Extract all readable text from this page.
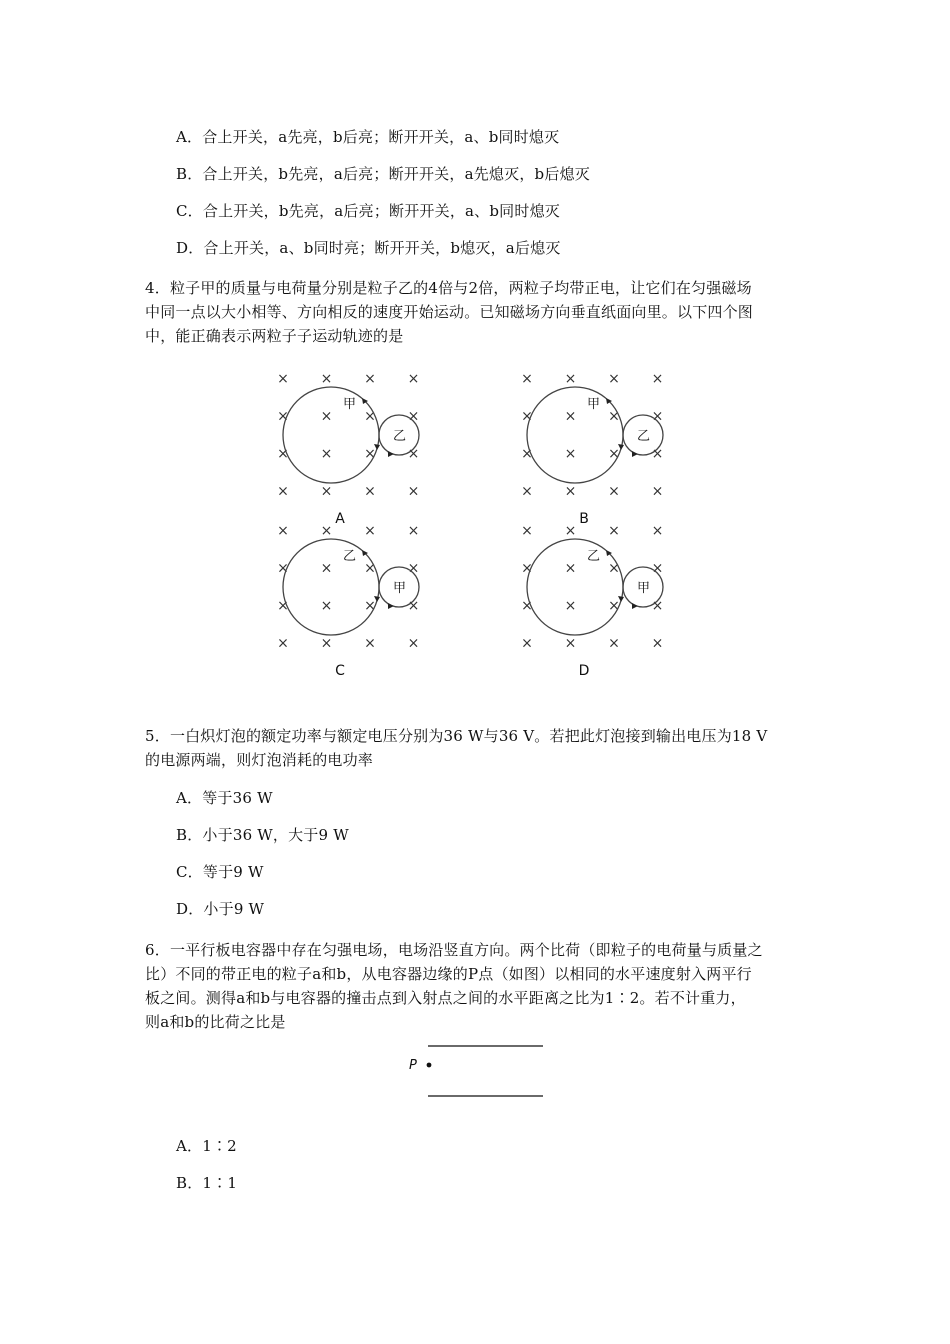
A．合上开关，a先亮，b后亮；断开开关，a、b同时熄灭
B．合上开关，b先亮，a后亮；断开开关，a先熄灭，b后熄灭
C．合上开关，b先亮，a后亮；断开开关，a、b同时熄灭
D．合上开关，a、b同时亮；断开开关，b熄灭，a后熄灭
4．粒子甲的质量与电荷量分别是粒子乙的4倍与2倍，两粒子均带正电，让它们在匀强磁场
中同一点以大小相等、方向相反的速度开始运动。已知磁场方向垂直纸面向里。以下四个图
中，能正确表示两粒子子运动轨迹的是
× × × ×
× × × ×
× × × ×
× × × ×
甲
乙
A
× × × ×
× × × ×
× × × ×
× × × ×
甲
乙
B
× × × ×
× × × ×
× × × ×
× × × ×
乙
甲
C
× × × ×
× × × ×
× × × ×
× × × ×
乙
甲
D
5．一白炽灯泡的额定功率与额定电压分别为36 W与36 V。若把此灯泡接到输出电压为18 V
的电源两端，则灯泡消耗的电功率
A．等于36 W
B．小于36 W，大于9 W
C．等于9 W
D．小于9 W
6．一平行板电容器中存在匀强电场，电场沿竖直方向。两个比荷（即粒子的电荷量与质量之
比）不同的带正电的粒子a和b，从电容器边缘的P点（如图）以相同的水平速度射入两平行
板之间。测得a和b与电容器的撞击点到入射点之间的水平距离之比为1∶2。若不计重力，
则a和b的比荷之比是
P
A．1∶2
B．1∶1
